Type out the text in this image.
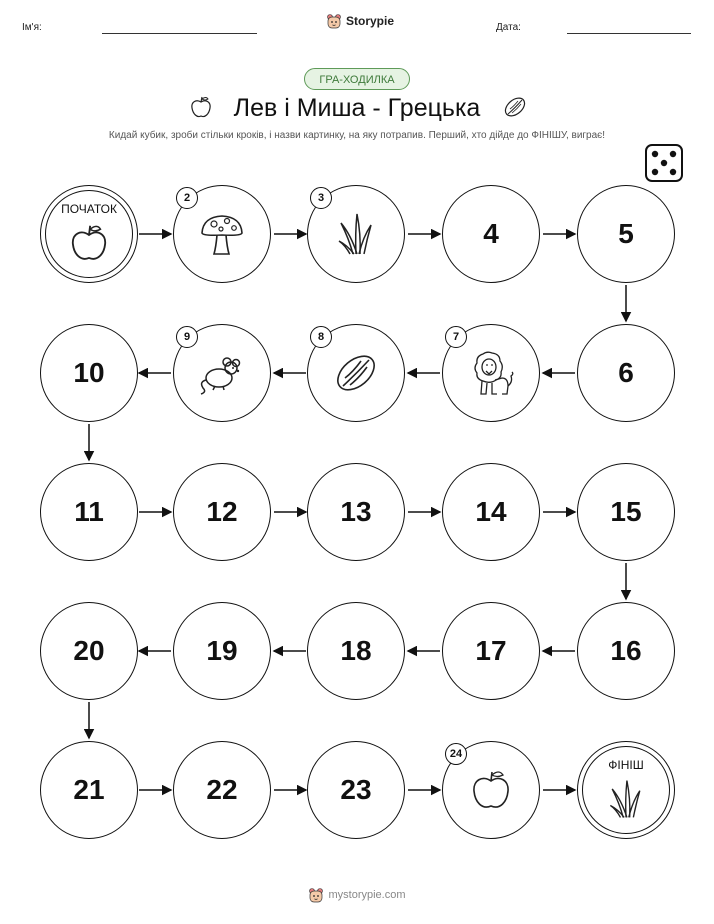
Ім'я:	Storypie	Дата:
ГРА-ХОДИЛКА
Лев і Миша - Грецька
Кидай кубик, зроби стільки кроків, і назви картинку, на яку потрапив. Перший, хто дійде до ФІНІШУ, виграє!
ПОЧАТОК
2	3
4	5
10
9	8	7
6
11	12	13	14	15
20	19	18	17	16
21	22	23
24
ФІНІШ
mystorypie.com
